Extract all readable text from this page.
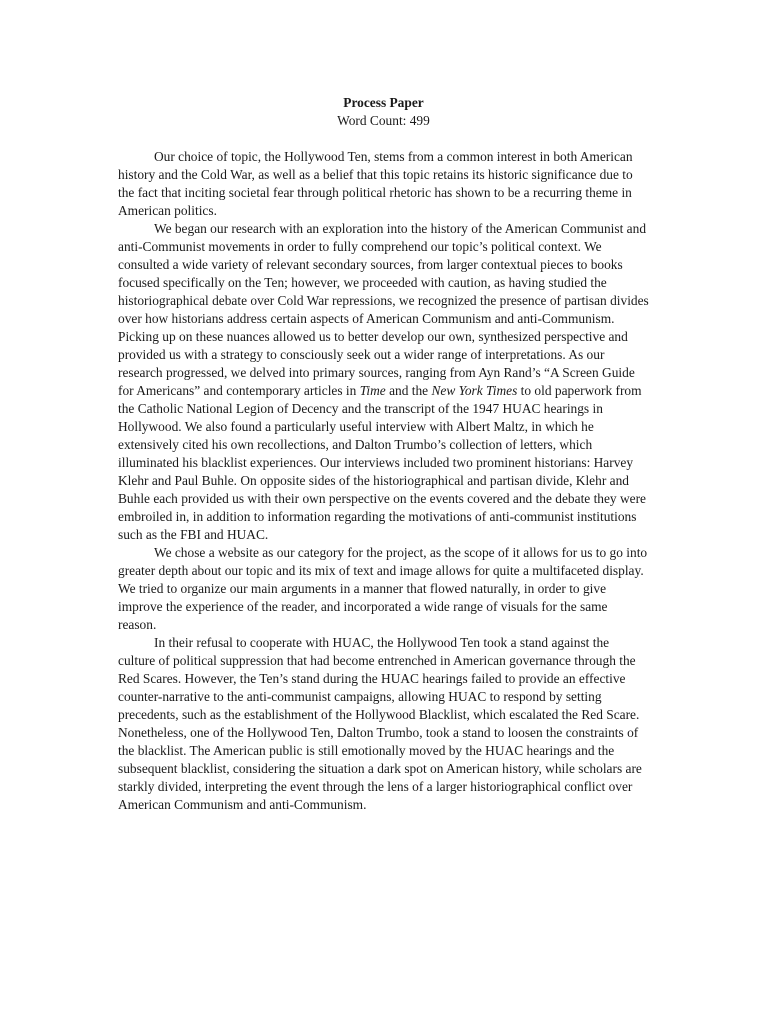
Process Paper

Word Count: 499

Our choice of topic, the Hollywood Ten, stems from a common interest in both American history and the Cold War, as well as a belief that this topic retains its historic significance due to the fact that inciting societal fear through political rhetoric has shown to be a recurring theme in American politics.

We began our research with an exploration into the history of the American Communist and anti-Communist movements in order to fully comprehend our topic’s political context. We consulted a wide variety of relevant secondary sources, from larger contextual pieces to books focused specifically on the Ten; however, we proceeded with caution, as having studied the historiographical debate over Cold War repressions, we recognized the presence of partisan divides over how historians address certain aspects of American Communism and anti-Communism. Picking up on these nuances allowed us to better develop our own, synthesized perspective and provided us with a strategy to consciously seek out a wider range of interpretations. As our research progressed, we delved into primary sources, ranging from Ayn Rand’s “A Screen Guide for Americans” and contemporary articles in Time and the New York Times to old paperwork from the Catholic National Legion of Decency and the transcript of the 1947 HUAC hearings in Hollywood. We also found a particularly useful interview with Albert Maltz, in which he extensively cited his own recollections, and Dalton Trumbo’s collection of letters, which illuminated his blacklist experiences. Our interviews included two prominent historians: Harvey Klehr and Paul Buhle. On opposite sides of the historiographical and partisan divide, Klehr and Buhle each provided us with their own perspective on the events covered and the debate they were embroiled in, in addition to information regarding the motivations of anti-communist institutions such as the FBI and HUAC.

We chose a website as our category for the project, as the scope of it allows for us to go into greater depth about our topic and its mix of text and image allows for quite a multifaceted display. We tried to organize our main arguments in a manner that flowed naturally, in order to give improve the experience of the reader, and incorporated a wide range of visuals for the same reason.

In their refusal to cooperate with HUAC, the Hollywood Ten took a stand against the culture of political suppression that had become entrenched in American governance through the Red Scares. However, the Ten’s stand during the HUAC hearings failed to provide an effective counter-narrative to the anti-communist campaigns, allowing HUAC to respond by setting precedents, such as the establishment of the Hollywood Blacklist, which escalated the Red Scare. Nonetheless, one of the Hollywood Ten, Dalton Trumbo, took a stand to loosen the constraints of the blacklist. The American public is still emotionally moved by the HUAC hearings and the subsequent blacklist, considering the situation a dark spot on American history, while scholars are starkly divided, interpreting the event through the lens of a larger historiographical conflict over American Communism and anti-Communism.
